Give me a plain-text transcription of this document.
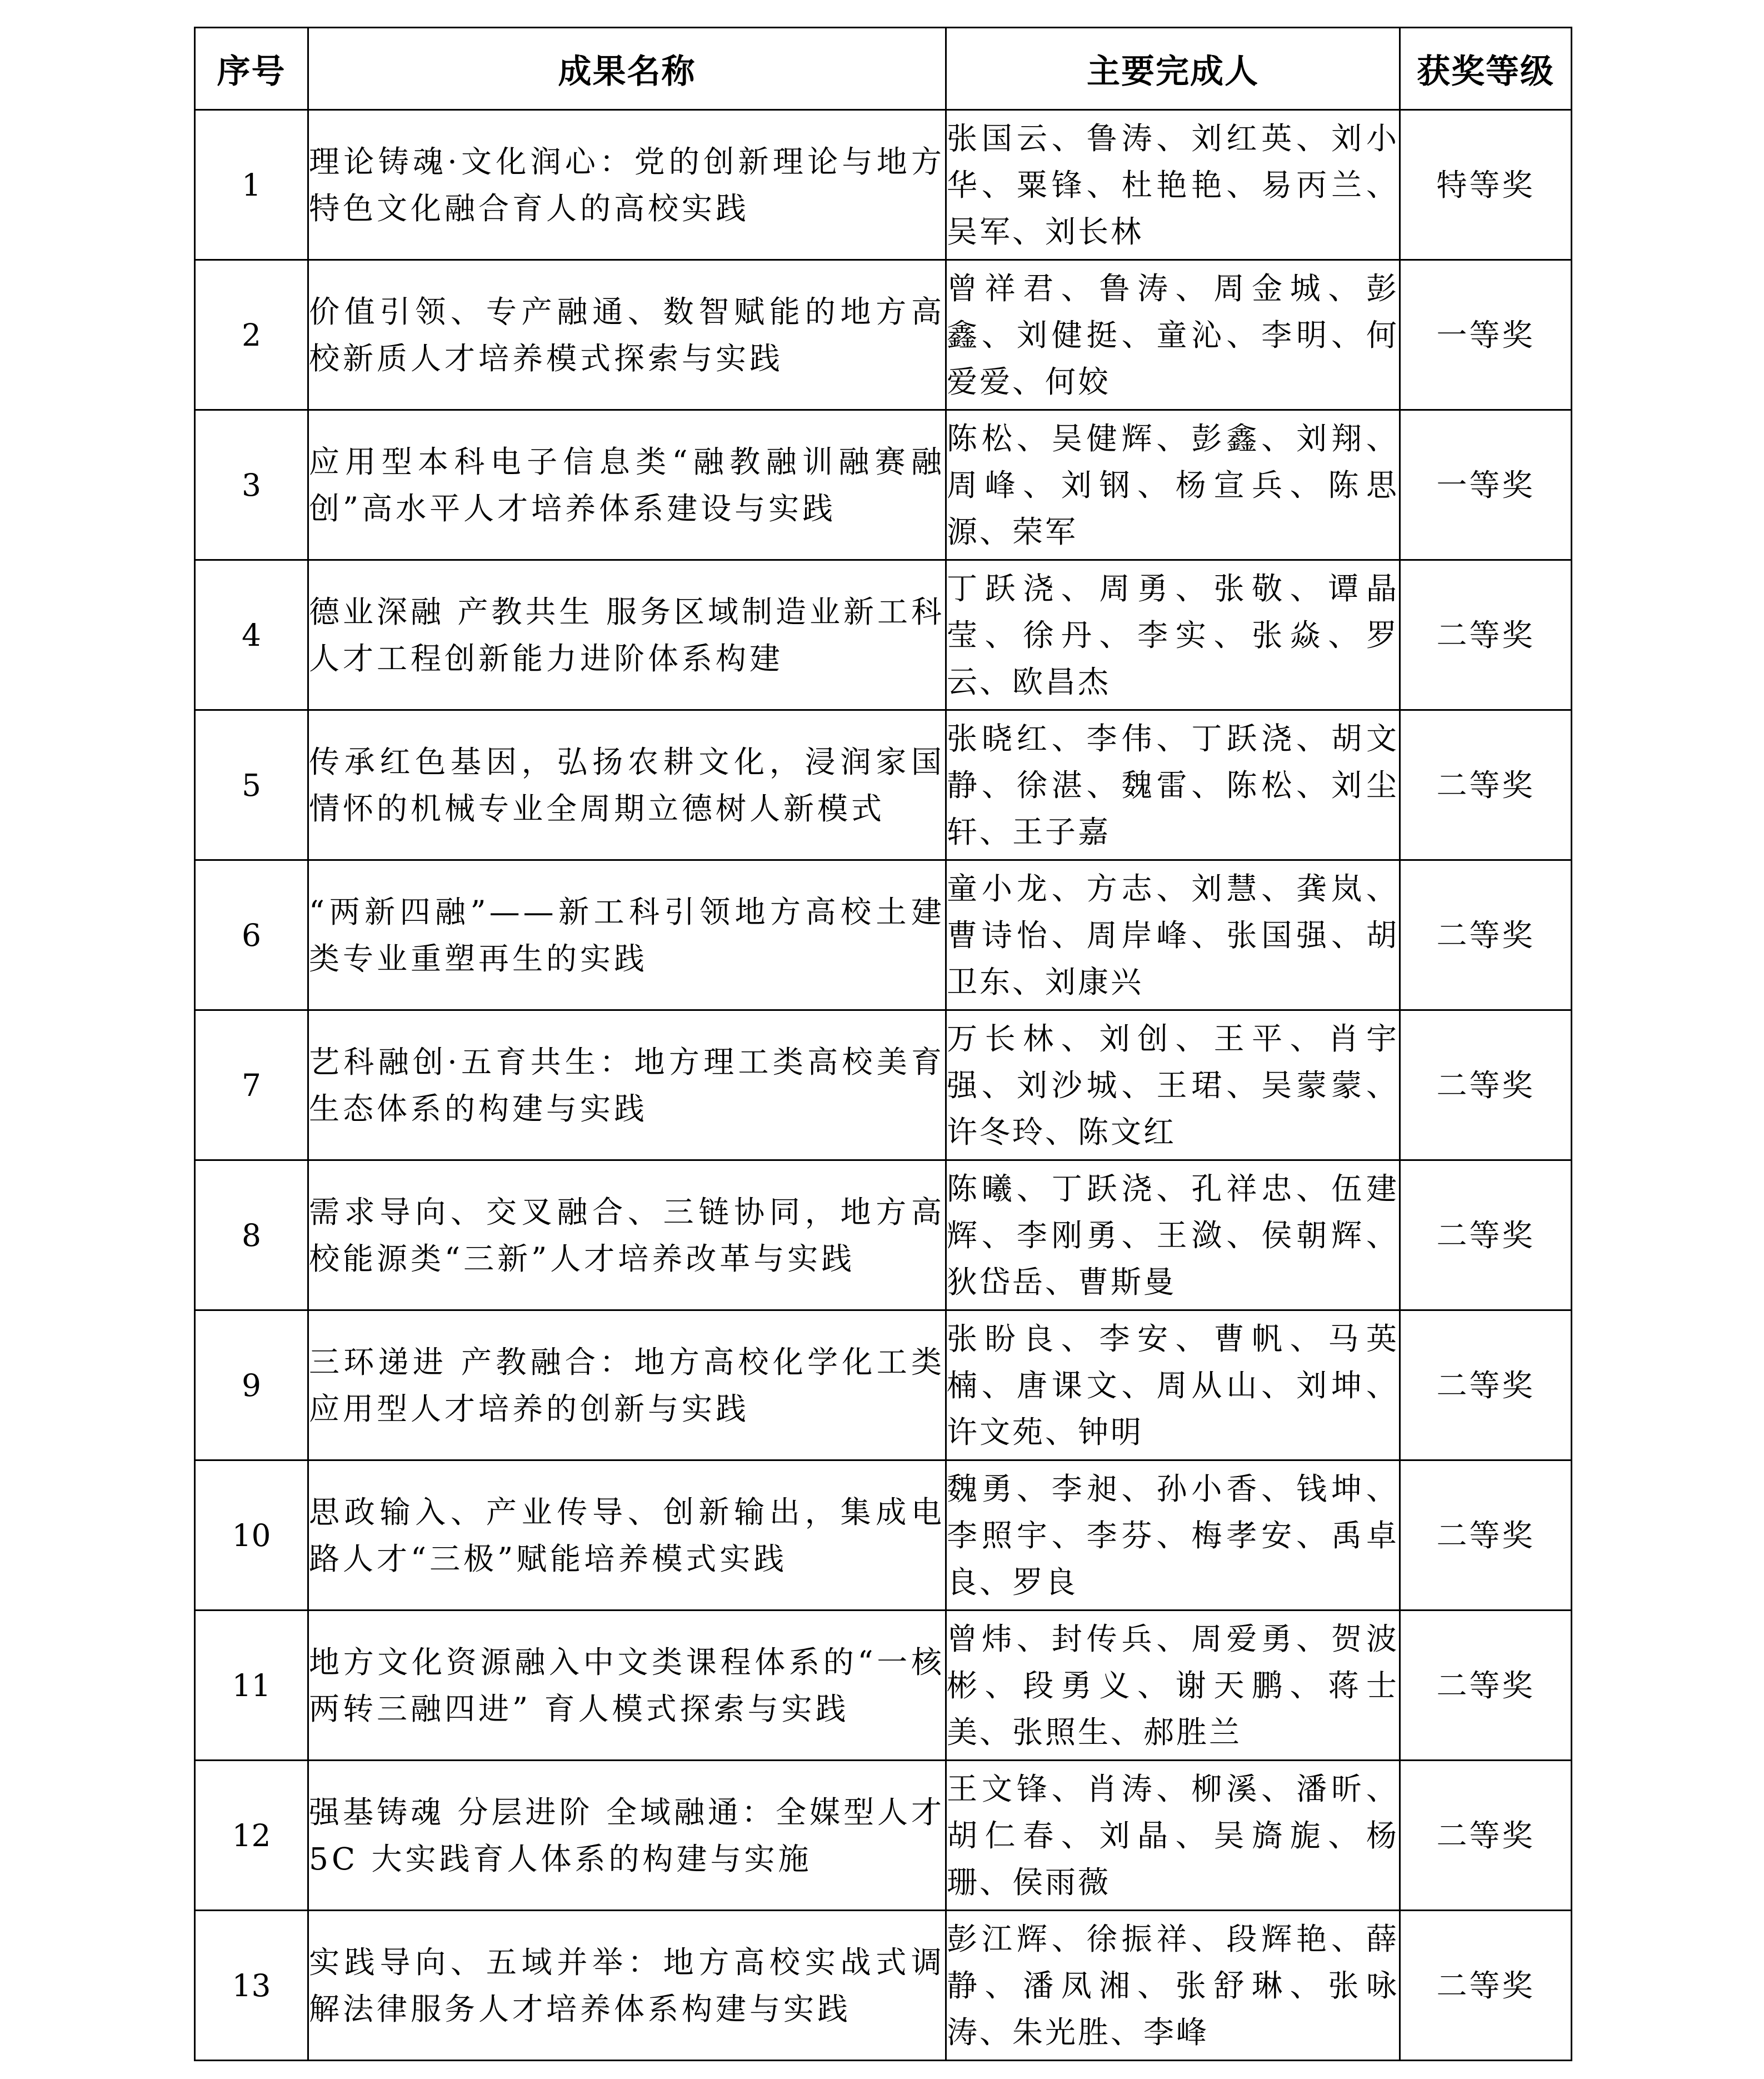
序号	成果名称	主要完成人	获奖等级
1	理论铸魂·文化润心：党的创新理论与地方特色文化融合育人的高校实践	张国云、鲁涛、刘红英、刘小华、粟锋、杜艳艳、易丙兰、吴军、刘长林	特等奖
2	价值引领、专产融通、数智赋能的地方高校新质人才培养模式探索与实践	曾祥君、鲁涛、周金城、彭鑫、刘健挺、童沁、李明、何爱爱、何姣	一等奖
3	应用型本科电子信息类“融教融训融赛融创”高水平人才培养体系建设与实践	陈松、吴健辉、彭鑫、刘翔、周峰、刘钢、杨宣兵、陈思源、荣军	一等奖
4	德业深融 产教共生 服务区域制造业新工科人才工程创新能力进阶体系构建	丁跃浇、周勇、张敬、谭晶莹、徐丹、李实、张焱、罗云、欧昌杰	二等奖
5	传承红色基因，弘扬农耕文化，浸润家国情怀的机械专业全周期立德树人新模式	张晓红、李伟、丁跃浇、胡文静、徐湛、魏雷、陈松、刘尘轩、王子嘉	二等奖
6	“两新四融”——新工科引领地方高校土建类专业重塑再生的实践	童小龙、方志、刘慧、龚岚、曹诗怡、周岸峰、张国强、胡卫东、刘康兴	二等奖
7	艺科融创·五育共生：地方理工类高校美育生态体系的构建与实践	万长林、刘创、王平、肖宇强、刘沙城、王珺、吴蒙蒙、许冬玲、陈文红	二等奖
8	需求导向、交叉融合、三链协同，地方高校能源类“三新”人才培养改革与实践	陈曦、丁跃浇、孔祥忠、伍建辉、李刚勇、王潋、侯朝辉、狄岱岳、曹斯曼	二等奖
9	三环递进 产教融合：地方高校化学化工类应用型人才培养的创新与实践	张盼良、李安、曹帆、马英楠、唐课文、周从山、刘坤、许文苑、钟明	二等奖
10	思政输入、产业传导、创新输出，集成电路人才“三极”赋能培养模式实践	魏勇、李昶、孙小香、钱坤、李照宇、李芬、梅孝安、禹卓良、罗良	二等奖
11	地方文化资源融入中文类课程体系的“一核两转三融四进” 育人模式探索与实践	曾炜、封传兵、周爱勇、贺波彬、段勇义、谢天鹏、蒋士美、张照生、郝胜兰	二等奖
12	强基铸魂 分层进阶 全域融通：全媒型人才 5C 大实践育人体系的构建与实施	王文锋、肖涛、柳溪、潘昕、胡仁春、刘晶、吴旖旎、杨珊、侯雨薇	二等奖
13	实践导向、五域并举：地方高校实战式调解法律服务人才培养体系构建与实践	彭江辉、徐振祥、段辉艳、薛静、潘凤湘、张舒琳、张咏涛、朱光胜、李峰	二等奖
